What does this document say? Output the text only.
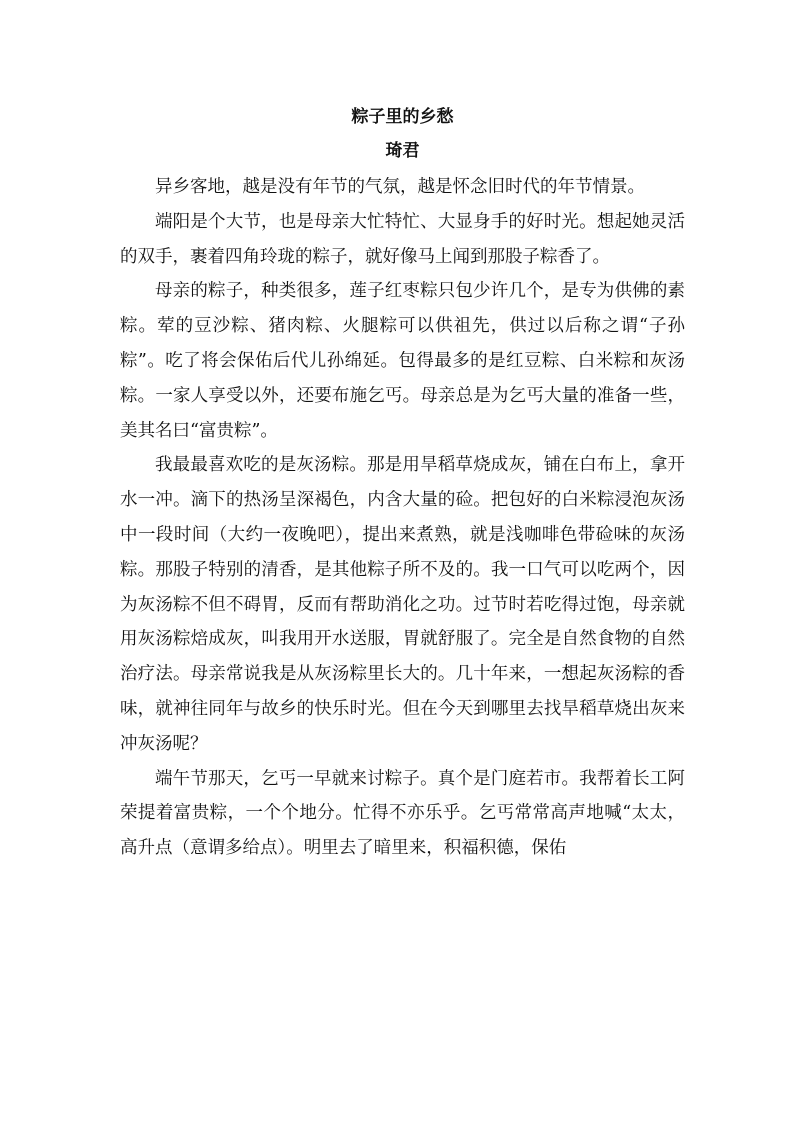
粽子里的乡愁
琦君

异乡客地，越是没有年节的气氛，越是怀念旧时代的年节情景。

端阳是个大节，也是母亲大忙特忙、大显身手的好时光。想起她灵活的双手，裹着四角玲珑的粽子，就好像马上闻到那股子粽香了。

母亲的粽子，种类很多，莲子红枣粽只包少许几个，是专为供佛的素粽。荤的豆沙粽、猪肉粽、火腿粽可以供祖先，供过以后称之谓“子孙粽”。吃了将会保佑后代儿孙绵延。包得最多的是红豆粽、白米粽和灰汤粽。一家人享受以外，还要布施乞丐。母亲总是为乞丐大量的准备一些，美其名曰“富贵粽”。

我最最喜欢吃的是灰汤粽。那是用旱稻草烧成灰，铺在白布上，拿开水一冲。滴下的热汤呈深褐色，内含大量的硷。把包好的白米粽浸泡灰汤中一段时间（大约一夜晚吧），提出来煮熟，就是浅咖啡色带硷味的灰汤粽。那股子特别的清香，是其他粽子所不及的。我一口气可以吃两个，因为灰汤粽不但不碍胃，反而有帮助消化之功。过节时若吃得过饱，母亲就用灰汤粽焙成灰，叫我用开水送服，胃就舒服了。完全是自然食物的自然治疗法。母亲常说我是从灰汤粽里长大的。几十年来，一想起灰汤粽的香味，就神往同年与故乡的快乐时光。但在今天到哪里去找旱稻草烧出灰来冲灰汤呢？

端午节那天，乞丐一早就来讨粽子。真个是门庭若市。我帮着长工阿荣提着富贵粽，一个个地分。忙得不亦乐乎。乞丐常常高声地喊“太太，高升点（意谓多给点）。明里去了暗里来，积福积德，保佑
